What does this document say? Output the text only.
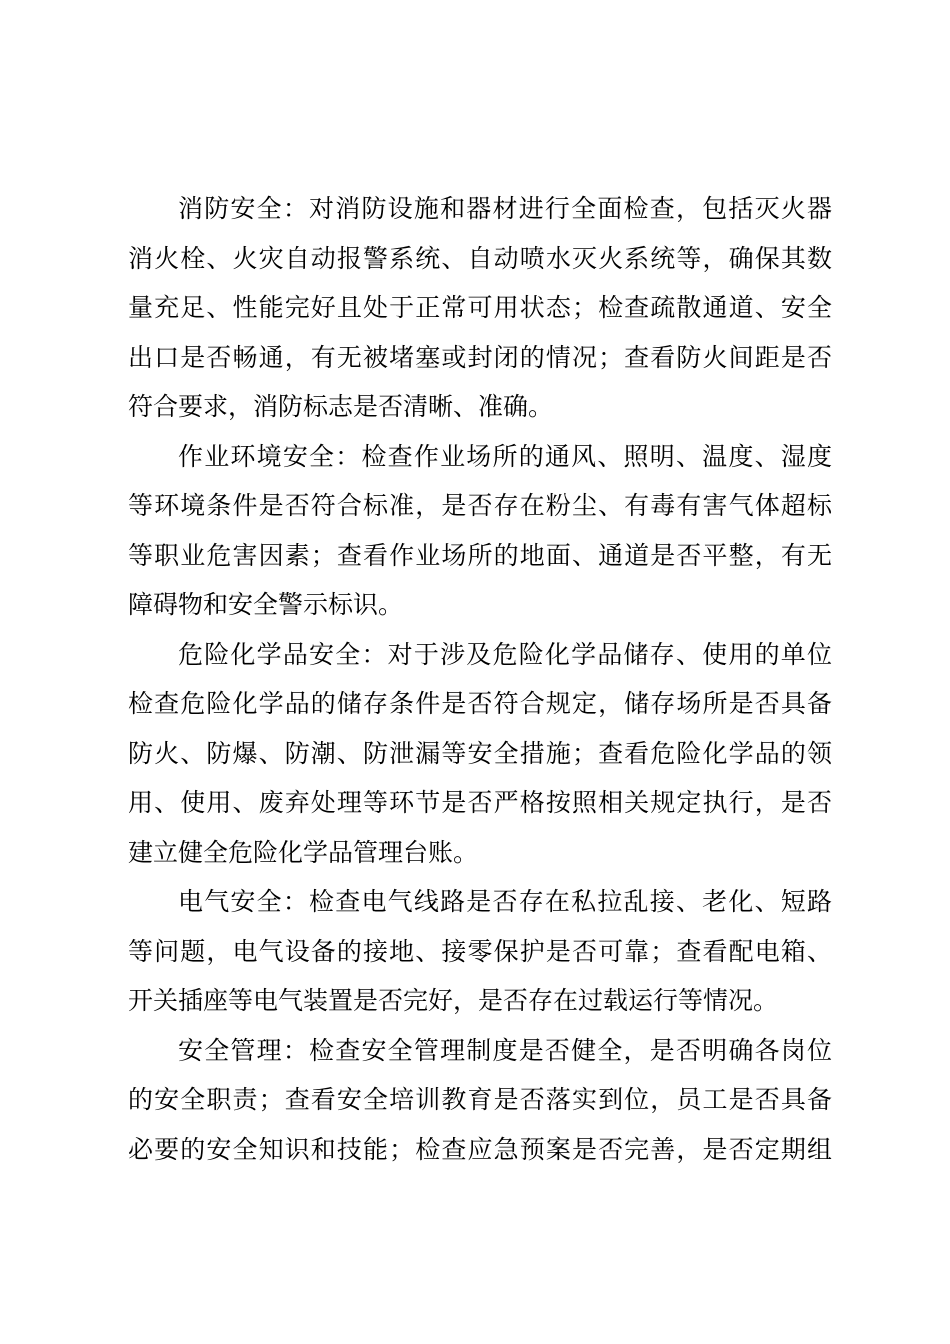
消防安全：对消防设施和器材进行全面检查，包括灭火器
消火栓、火灾自动报警系统、自动喷水灭火系统等，确保其数
量充足、性能完好且处于正常可用状态；检查疏散通道、安全
出口是否畅通，有无被堵塞或封闭的情况；查看防火间距是否
符合要求，消防标志是否清晰、准确。
作业环境安全：检查作业场所的通风、照明、温度、湿度
等环境条件是否符合标准，是否存在粉尘、有毒有害气体超标
等职业危害因素；查看作业场所的地面、通道是否平整，有无
障碍物和安全警示标识。
危险化学品安全：对于涉及危险化学品储存、使用的单位
检查危险化学品的储存条件是否符合规定，储存场所是否具备
防火、防爆、防潮、防泄漏等安全措施；查看危险化学品的领
用、使用、废弃处理等环节是否严格按照相关规定执行，是否
建立健全危险化学品管理台账。
电气安全：检查电气线路是否存在私拉乱接、老化、短路
等问题，电气设备的接地、接零保护是否可靠；查看配电箱、
开关插座等电气装置是否完好，是否存在过载运行等情况。
安全管理：检查安全管理制度是否健全，是否明确各岗位
的安全职责；查看安全培训教育是否落实到位，员工是否具备
必要的安全知识和技能；检查应急预案是否完善，是否定期组
